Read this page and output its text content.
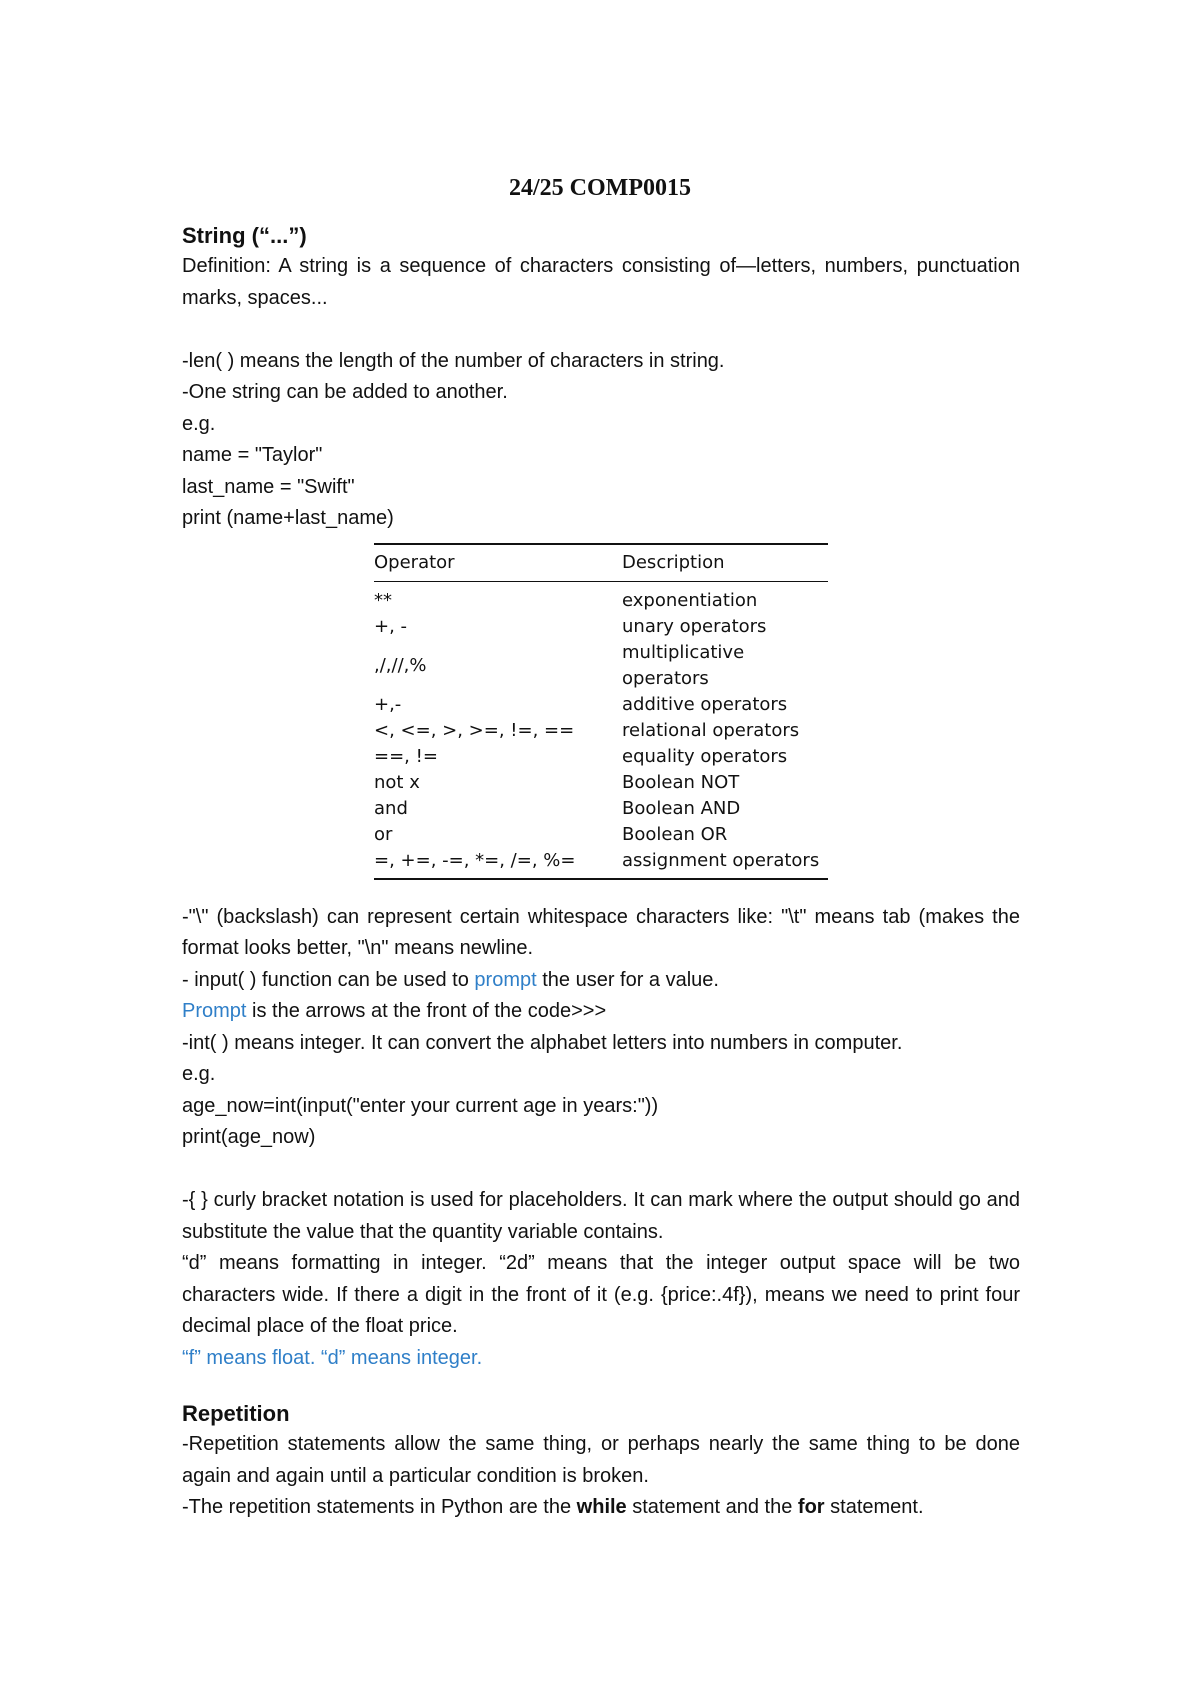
24/25 COMP0015

String (“...”)

Definition: A string is a sequence of characters consisting of—letters, numbers, punctuation marks, spaces...

-len( ) means the length of the number of characters in string.

-One string can be added to another.

e.g.

name = "Taylor"

last_name = "Swift"

print (name+last_name)

Operator	Description
**	exponentiation
+, -	unary operators
,/,//,%	multiplicative operators
+,-	additive operators
<, <=, >, >=, !=, ==	relational operators
==, !=	equality operators
not x	Boolean NOT
and	Boolean AND
or	Boolean OR
=, +=, -=, *=, /=, %=	assignment operators

-"\" (backslash) can represent certain whitespace characters like: "\t" means tab (makes the format looks better, "\n" means newline.

- input( ) function can be used to prompt the user for a value.

Prompt is the arrows at the front of the code>>>

-int( ) means integer. It can convert the alphabet letters into numbers in computer.

e.g.

age_now=int(input("enter your current age in years:"))

print(age_now)

-{ } curly bracket notation is used for placeholders. It can mark where the output should go and substitute the value that the quantity variable contains.

“d” means formatting in integer. “2d” means that the integer output space will be two characters wide. If there a digit in the front of it (e.g. {price:.4f}), means we need to print four decimal place of the float price.

“f” means float. “d” means integer.

Repetition

-Repetition statements allow the same thing, or perhaps nearly the same thing to be done again and again until a particular condition is broken.

-The repetition statements in Python are the while statement and the for statement.
